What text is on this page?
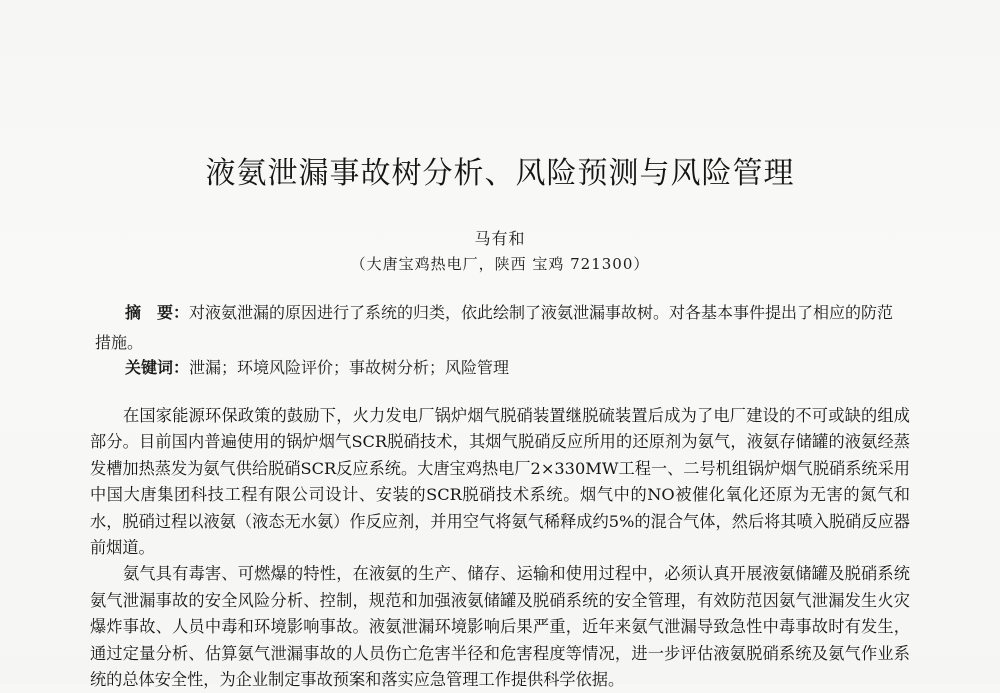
液氨泄漏事故树分析、风险预测与风险管理
马有和
（大唐宝鸡热电厂，陕西 宝鸡 721300）
摘　要：对液氨泄漏的原因进行了系统的归类，依此绘制了液氨泄漏事故树。对各基本事件提出了相应的防范措施。
关键词：泄漏；环境风险评价；事故树分析；风险管理

在国家能源环保政策的鼓励下，火力发电厂锅炉烟气脱硝装置继脱硫装置后成为了电厂建设的不可或缺的组成部分。目前国内普遍使用的锅炉烟气SCR脱硝技术，其烟气脱硝反应所用的还原剂为氨气，液氨存储罐的液氨经蒸发槽加热蒸发为氨气供给脱硝SCR反应系统。大唐宝鸡热电厂2×330MW工程一、二号机组锅炉烟气脱硝系统采用中国大唐集团科技工程有限公司设计、安装的SCR脱硝技术系统。烟气中的NO被催化氧化还原为无害的氮气和水，脱硝过程以液氨（液态无水氨）作反应剂，并用空气将氨气稀释成约5%的混合气体，然后将其喷入脱硝反应器前烟道。

氨气具有毒害、可燃爆的特性，在液氨的生产、储存、运输和使用过程中，必须认真开展液氨储罐及脱硝系统氨气泄漏事故的安全风险分析、控制，规范和加强液氨储罐及脱硝系统的安全管理，有效防范因氨气泄漏发生火灾爆炸事故、人员中毒和环境影响事故。液氨泄漏环境影响后果严重，近年来氨气泄漏导致急性中毒事故时有发生，通过定量分析、估算氨气泄漏事故的人员伤亡危害半径和危害程度等情况，进一步评估液氨脱硝系统及氨气作业系统的总体安全性，为企业制定事故预案和落实应急管理工作提供科学依据。
